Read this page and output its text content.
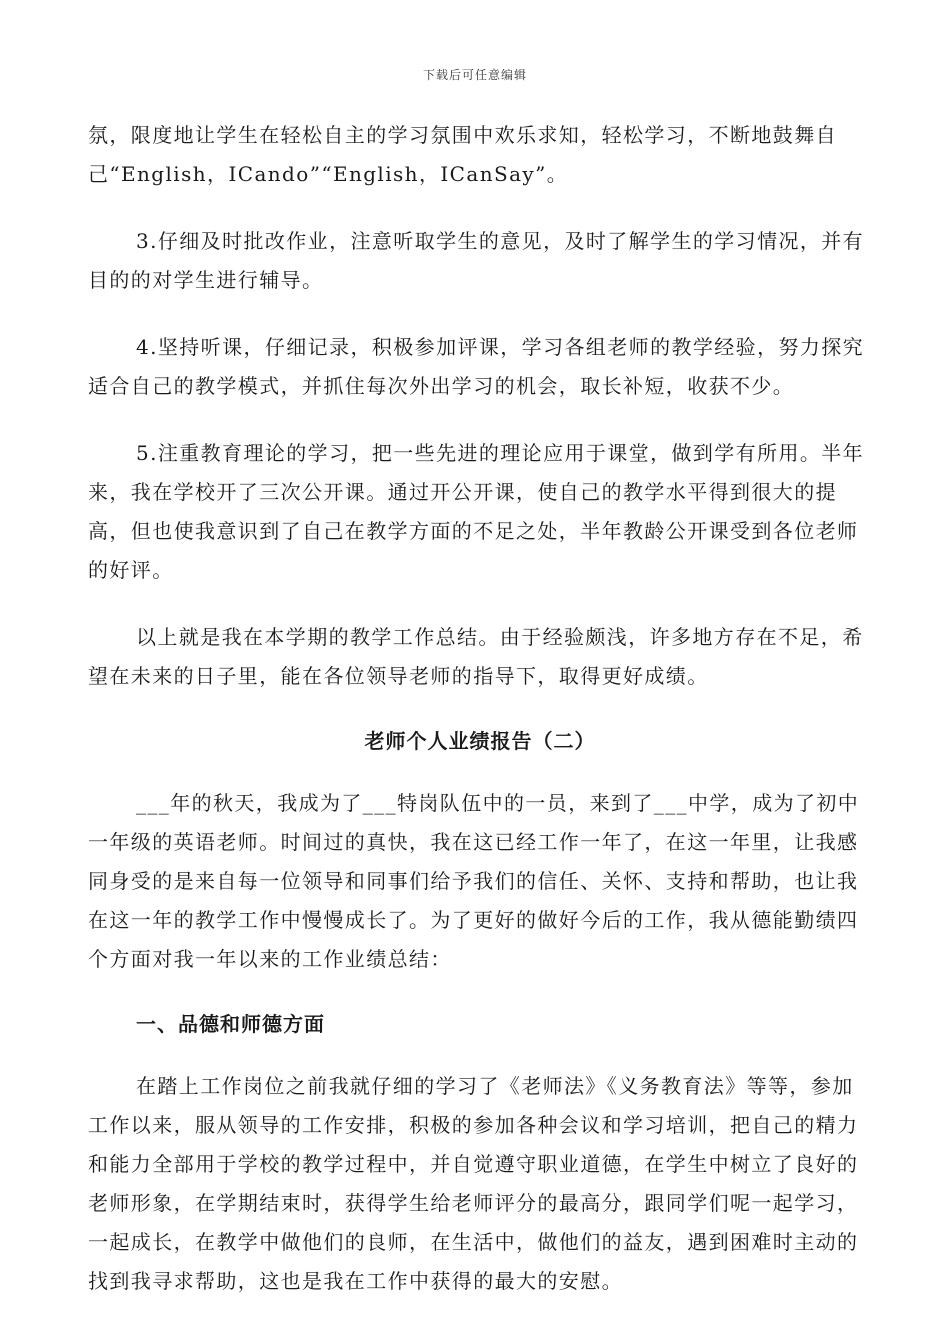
下载后可任意编辑

氛，限度地让学生在轻松自主的学习氛围中欢乐求知，轻松学习，不断地鼓舞自己“English，ICando”“English，ICanSay”。

3.仔细及时批改作业，注意听取学生的意见，及时了解学生的学习情况，并有目的的对学生进行辅导。

4.坚持听课，仔细记录，积极参加评课，学习各组老师的教学经验，努力探究适合自己的教学模式，并抓住每次外出学习的机会，取长补短，收获不少。

5.注重教育理论的学习，把一些先进的理论应用于课堂，做到学有所用。半年来，我在学校开了三次公开课。通过开公开课，使自己的教学水平得到很大的提高，但也使我意识到了自己在教学方面的不足之处，半年教龄公开课受到各位老师的好评。

以上就是我在本学期的教学工作总结。由于经验颇浅，许多地方存在不足，希望在未来的日子里，能在各位领导老师的指导下，取得更好成绩。

老师个人业绩报告（二）

___年的秋天，我成为了___特岗队伍中的一员，来到了___中学，成为了初中一年级的英语老师。时间过的真快，我在这已经工作一年了，在这一年里，让我感同身受的是来自每一位领导和同事们给予我们的信任、关怀、支持和帮助，也让我在这一年的教学工作中慢慢成长了。为了更好的做好今后的工作，我从德能勤绩四个方面对我一年以来的工作业绩总结：

一、品德和师德方面

在踏上工作岗位之前我就仔细的学习了《老师法》《义务教育法》等等，参加工作以来，服从领导的工作安排，积极的参加各种会议和学习培训，把自己的精力和能力全部用于学校的教学过程中，并自觉遵守职业道德，在学生中树立了良好的老师形象，在学期结束时，获得学生给老师评分的最高分，跟同学们呢一起学习，一起成长，在教学中做他们的良师，在生活中，做他们的益友，遇到困难时主动的找到我寻求帮助，这也是我在工作中获得的最大的安慰。
